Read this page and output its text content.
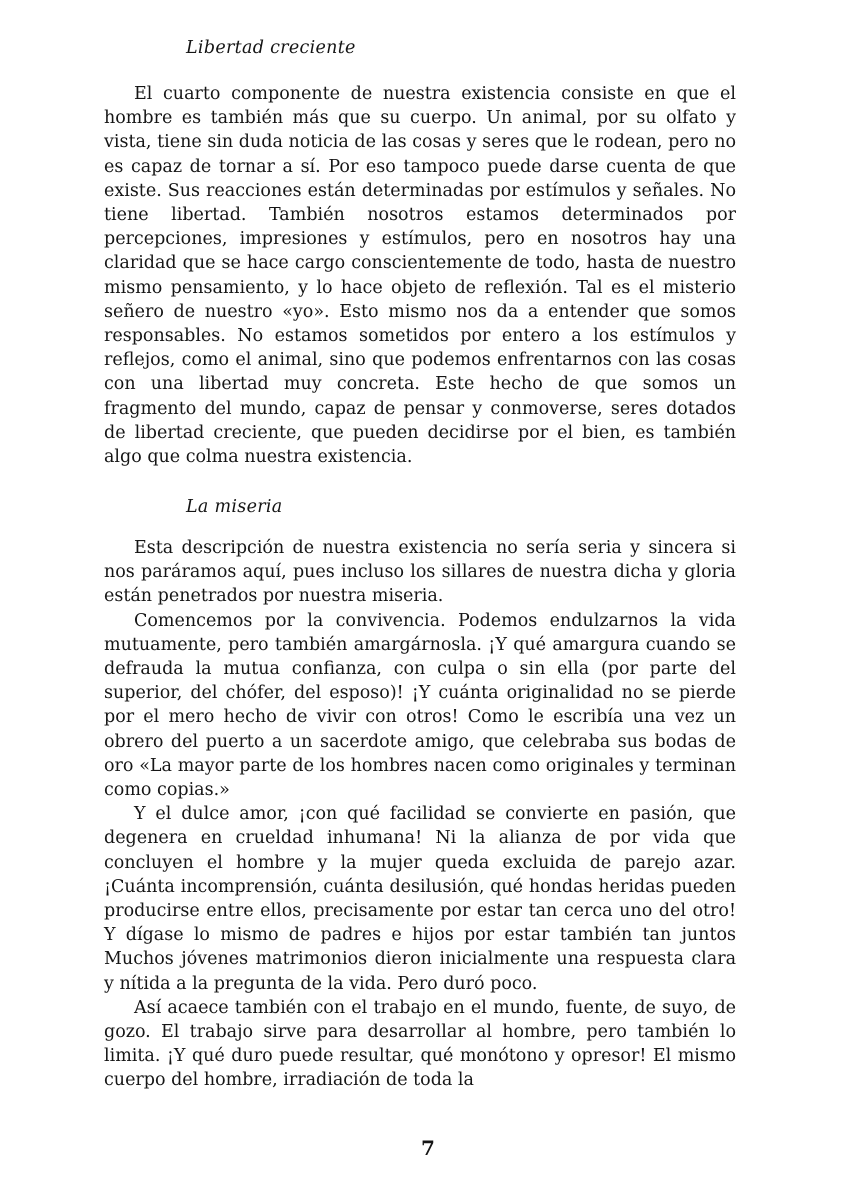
Libertad creciente

El cuarto componente de nuestra existencia consiste en que el hombre es también más que su cuerpo. Un animal, por su olfato y vista, tiene sin duda noticia de las cosas y seres que le rodean, pero no es capaz de tornar a sí. Por eso tampoco puede darse cuenta de que existe. Sus reacciones están determinadas por estímulos y señales. No tiene libertad. También nosotros estamos determinados por percepciones, impresiones y estímulos, pero en nosotros hay una claridad que se hace cargo conscientemente de todo, hasta de nuestro mismo pensamiento, y lo hace objeto de reflexión. Tal es el misterio señero de nuestro «yo». Esto mismo nos da a entender que somos responsables. No estamos sometidos por entero a los estímulos y reflejos, como el animal, sino que podemos enfrentarnos con las cosas con una libertad muy concreta. Este hecho de que somos un fragmento del mundo, capaz de pensar y conmoverse, seres dotados de libertad creciente, que pueden decidirse por el bien, es también algo que colma nuestra existencia.

La miseria

Esta descripción de nuestra existencia no sería seria y sincera si nos paráramos aquí, pues incluso los sillares de nuestra dicha y gloria están penetrados por nuestra miseria.

Comencemos por la convivencia. Podemos endulzarnos la vida mutuamente, pero también amargárnosla. ¡Y qué amargura cuando se defrauda la mutua confianza, con culpa o sin ella (por parte del superior, del chófer, del esposo)! ¡Y cuánta originalidad no se pierde por el mero hecho de vivir con otros! Como le escribía una vez un obrero del puerto a un sacerdote amigo, que celebraba sus bodas de oro «La mayor parte de los hombres nacen como originales y terminan como copias.»

Y el dulce amor, ¡con qué facilidad se convierte en pasión, que degenera en crueldad inhumana! Ni la alianza de por vida que concluyen el hombre y la mujer queda excluida de parejo azar. ¡Cuánta incomprensión, cuánta desilusión, qué hondas heridas pueden producirse entre ellos, precisamente por estar tan cerca uno del otro! Y dígase lo mismo de padres e hijos por estar también tan juntos Muchos jóvenes matrimonios dieron inicialmente una respuesta clara y nítida a la pregunta de la vida. Pero duró poco.

Así acaece también con el trabajo en el mundo, fuente, de suyo, de gozo. El trabajo sirve para desarrollar al hombre, pero también lo limita. ¡Y qué duro puede resultar, qué monótono y opresor! El mismo cuerpo del hombre, irradiación de toda la

7
